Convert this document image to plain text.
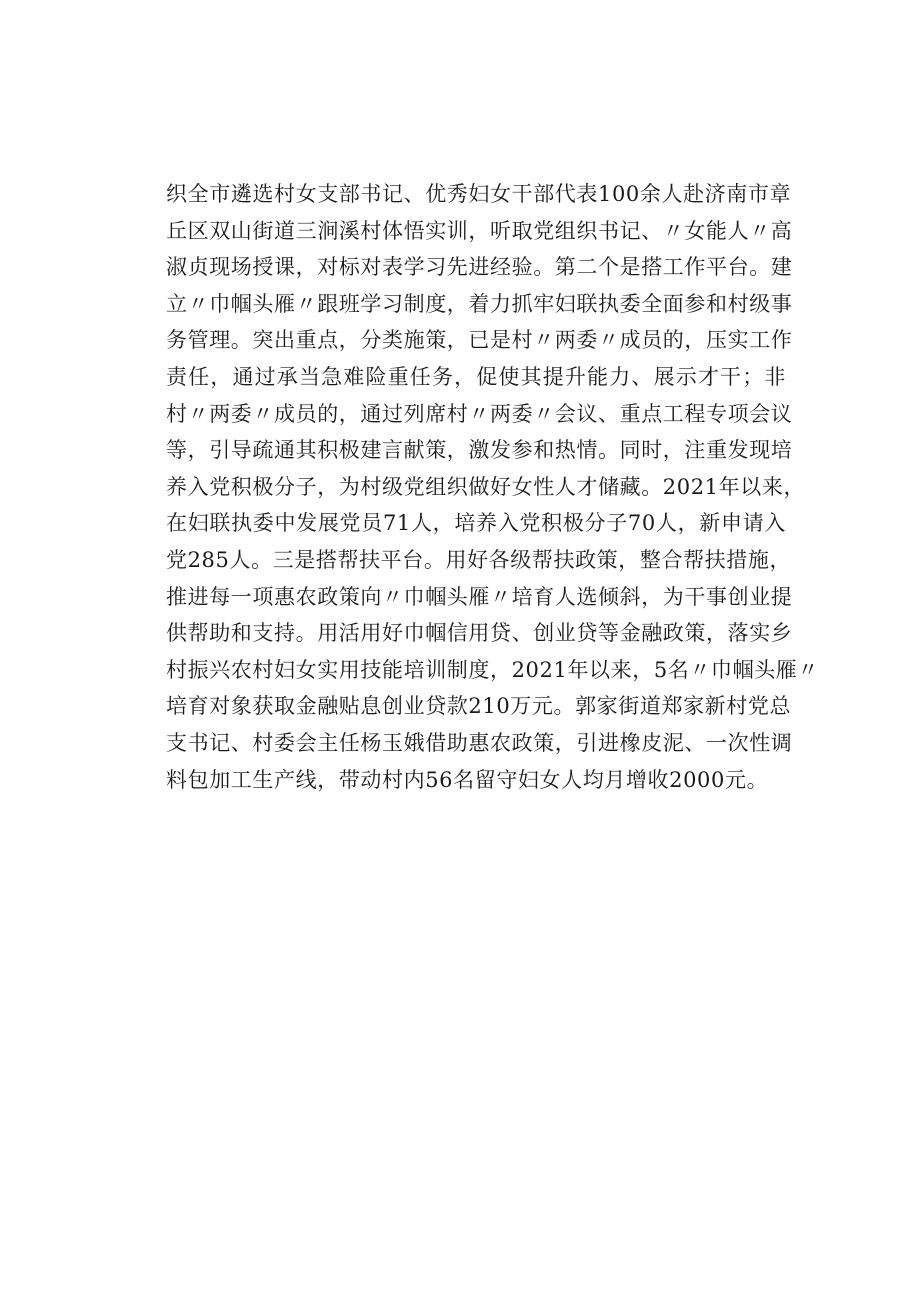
织全市遴选村女支部书记、优秀妇女干部代表100余人赴济南市章
丘区双山街道三涧溪村体悟实训，听取党组织书记、〃女能人〃高
淑贞现场授课，对标对表学习先进经验。第二个是搭工作平台。建
立〃巾帼头雁〃跟班学习制度，着力抓牢妇联执委全面参和村级事
务管理。突出重点，分类施策，已是村〃两委〃成员的，压实工作
责任，通过承当急难险重任务，促使其提升能力、展示才干；非
村〃两委〃成员的，通过列席村〃两委〃会议、重点工程专项会议
等，引导疏通其积极建言献策，激发参和热情。同时，注重发现培
养入党积极分子，为村级党组织做好女性人才储藏。2021年以来，
在妇联执委中发展党员71人，培养入党积极分子70人，新申请入
党285人。三是搭帮扶平台。用好各级帮扶政策，整合帮扶措施，
推进每一项惠农政策向〃巾帼头雁〃培育人选倾斜，为干事创业提
供帮助和支持。用活用好巾帼信用贷、创业贷等金融政策，落实乡
村振兴农村妇女实用技能培训制度，2021年以来，5名〃巾帼头雁〃
培育对象获取金融贴息创业贷款210万元。郭家街道郑家新村党总
支书记、村委会主任杨玉娥借助惠农政策，引进橡皮泥、一次性调
料包加工生产线，带动村内56名留守妇女人均月增收2000元。
